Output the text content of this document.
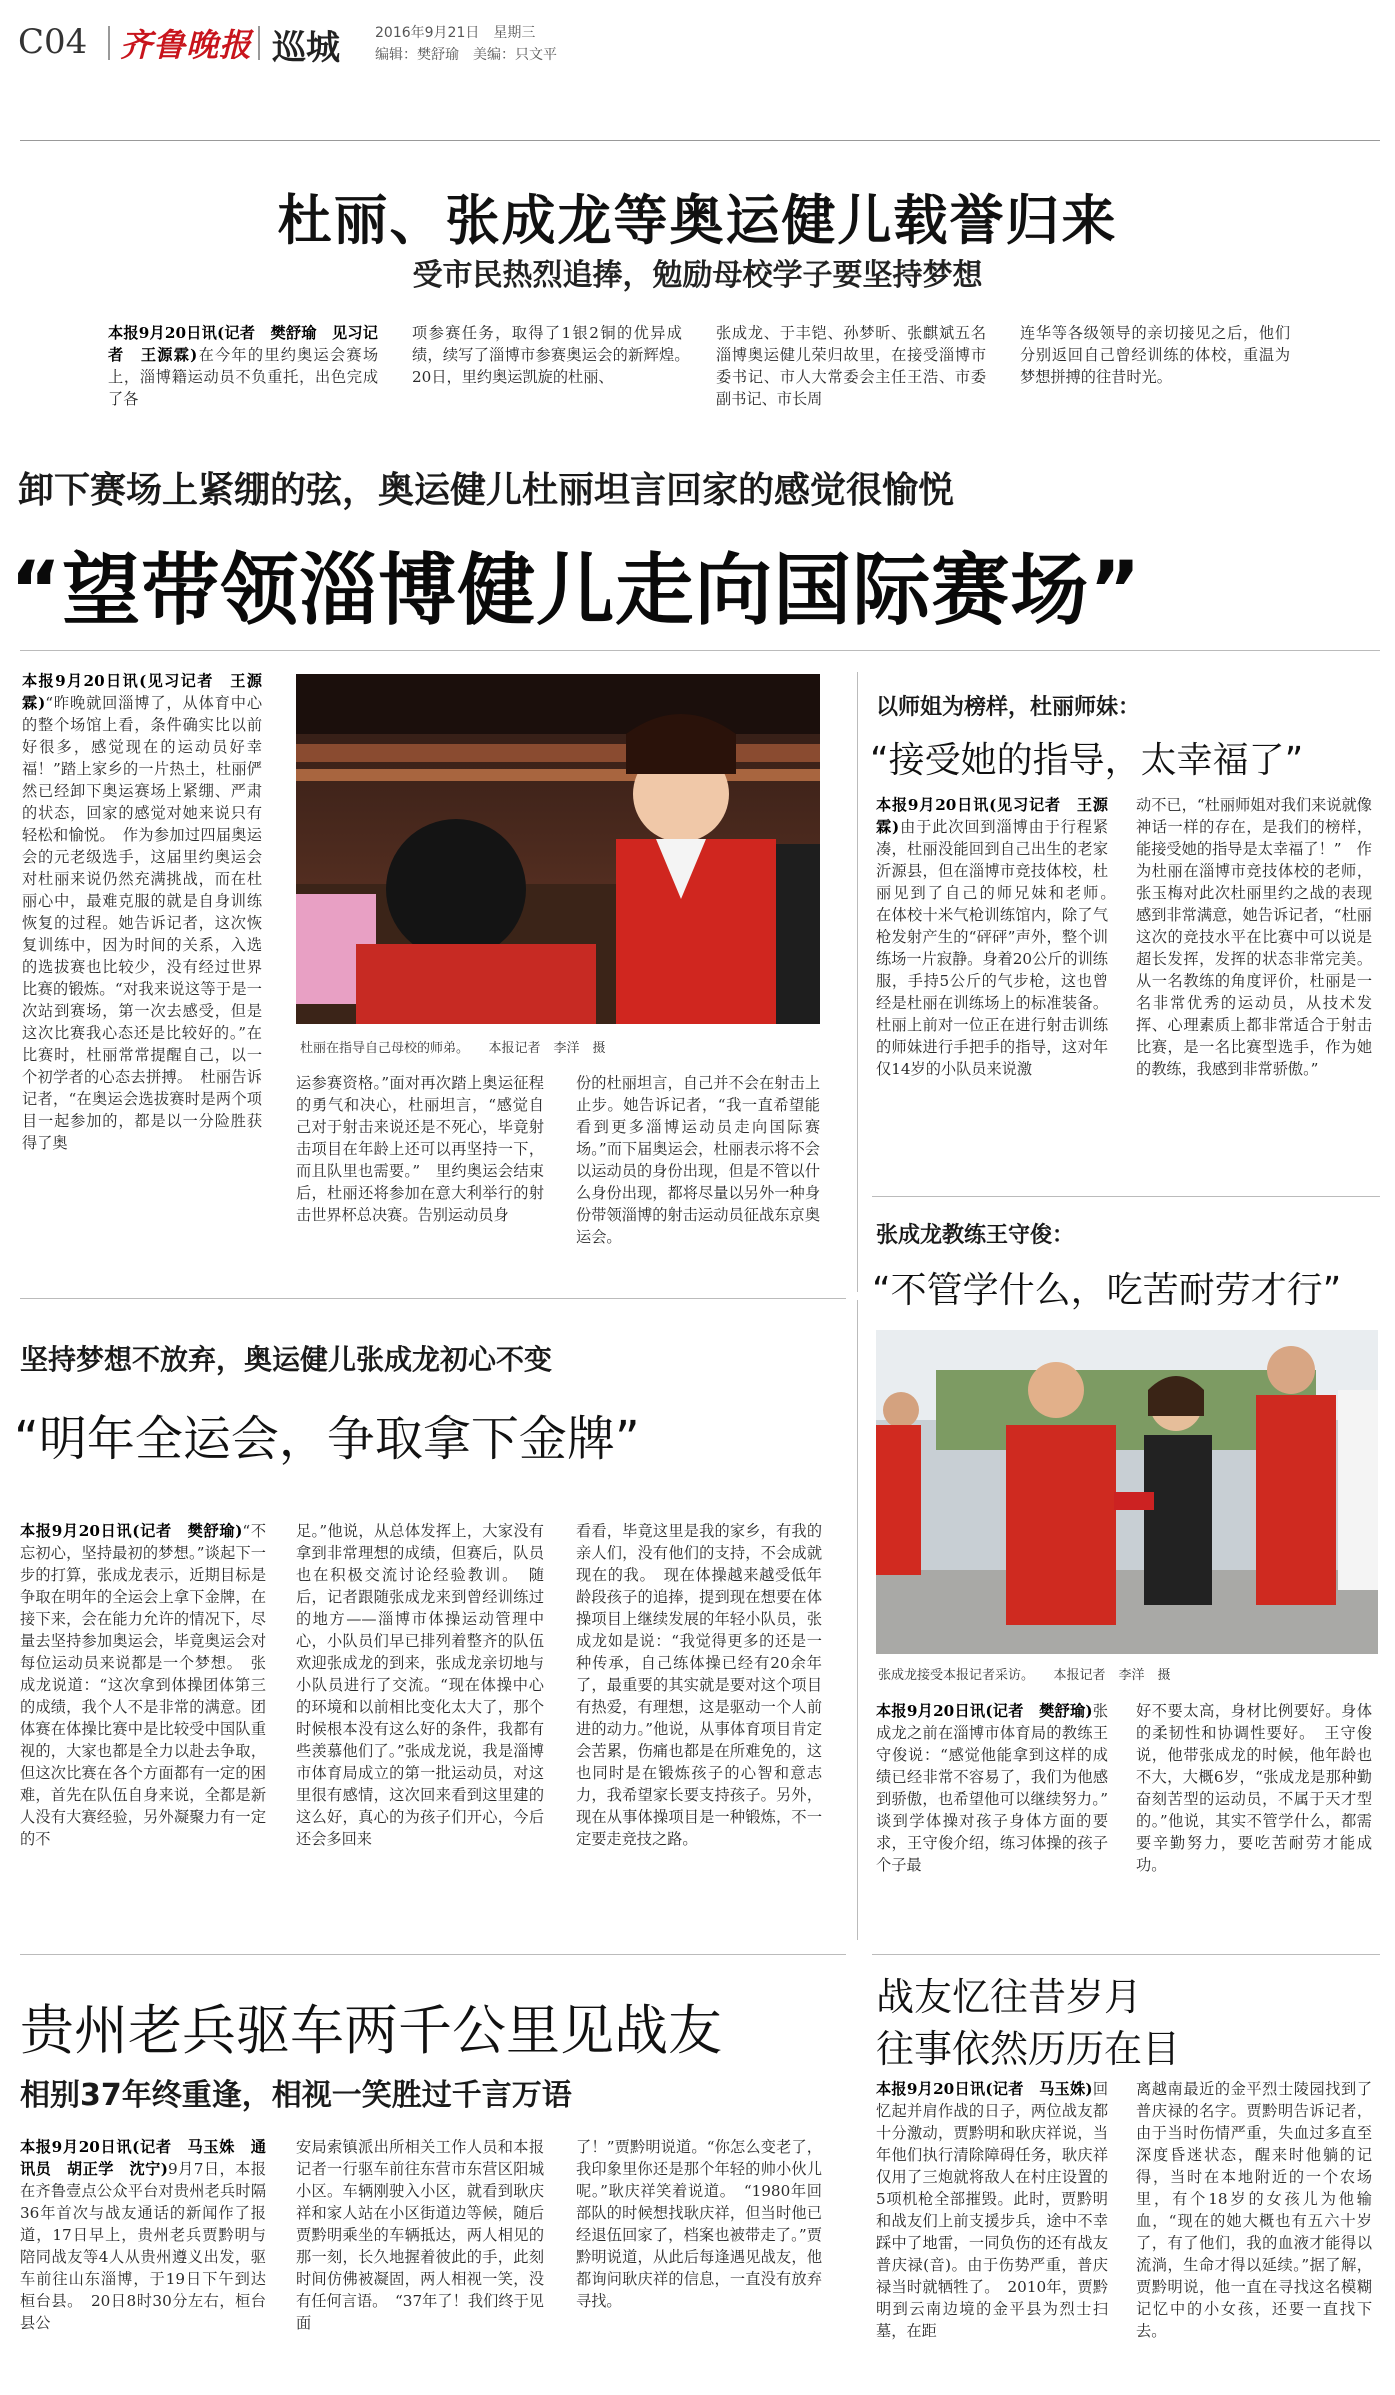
C04 齐鲁晚报 巡城	2016年9月21日　星期三
编辑：樊舒瑜　美编：只文平
杜丽、张成龙等奥运健儿载誉归来
受市民热烈追捧，勉励母校学子要坚持梦想
本报9月20日讯(记者　樊舒瑜　见习记者　王源霖)在今年的里约奥运会赛场上，淄博籍运动员不负重托，出色完成了各
项参赛任务，取得了1银2铜的优异成绩，续写了淄博市参赛奥运会的新辉煌。　20日，里约奥运凯旋的杜丽、
张成龙、于丰铠、孙梦昕、张麒斌五名淄博奥运健儿荣归故里，在接受淄博市委书记、市人大常委会主任王浩、市委副书记、市长周
连华等各级领导的亲切接见之后，他们分别返回自己曾经训练的体校，重温为梦想拼搏的往昔时光。
卸下赛场上紧绷的弦，奥运健儿杜丽坦言回家的感觉很愉悦
“望带领淄博健儿走向国际赛场”
本报9月20日讯(见习记者　王源霖)“昨晚就回淄博了，从体育中心的整个场馆上看，条件确实比以前好很多，感觉现在的运动员好幸福！”踏上家乡的一片热土，杜丽俨然已经卸下奥运赛场上紧绷、严肃的状态，回家的感觉对她来说只有轻松和愉悦。　作为参加过四届奥运会的元老级选手，这届里约奥运会对杜丽来说仍然充满挑战，而在杜丽心中，最难克服的就是自身训练恢复的过程。她告诉记者，这次恢复训练中，因为时间的关系，入选的选拔赛也比较少，没有经过世界比赛的锻炼。“对我来说这等于是一次站到赛场，第一次去感受，但是这次比赛我心态还是比较好的。”在比赛时，杜丽常常提醒自己，以一个初学者的心态去拼搏。　杜丽告诉记者，“在奥运会选拔赛时是两个项目一起参加的，都是以一分险胜获得了奥
杜丽在指导自己母校的师弟。　　本报记者　李洋　摄
运参赛资格。”面对再次踏上奥运征程的勇气和决心，杜丽坦言，“感觉自己对于射击来说还是不死心，毕竟射击项目在年龄上还可以再坚持一下，而且队里也需要。”　里约奥运会结束后，杜丽还将参加在意大利举行的射击世界杯总决赛。告别运动员身
份的杜丽坦言，自己并不会在射击上止步。她告诉记者，“我一直希望能看到更多淄博运动员走向国际赛场。”而下届奥运会，杜丽表示将不会以运动员的身份出现，但是不管以什么身份出现，都将尽量以另外一种身份带领淄博的射击运动员征战东京奥运会。
以师姐为榜样，杜丽师妹：
“接受她的指导，太幸福了”
本报9月20日讯(见习记者　王源霖)由于此次回到淄博由于行程紧凑，杜丽没能回到自己出生的老家沂源县，但在淄博市竞技体校，杜丽见到了自己的师兄妹和老师。　在体校十米气枪训练馆内，除了气枪发射产生的“砰砰”声外，整个训练场一片寂静。身着20公斤的训练服，手持5公斤的气步枪，这也曾经是杜丽在训练场上的标准装备。杜丽上前对一位正在进行射击训练的师妹进行手把手的指导，这对年仅14岁的小队员来说激
动不已，“杜丽师姐对我们来说就像神话一样的存在，是我们的榜样，能接受她的指导是太幸福了！”　作为杜丽在淄博市竞技体校的老师，张玉梅对此次杜丽里约之战的表现感到非常满意，她告诉记者，“杜丽这次的竞技水平在比赛中可以说是超长发挥，发挥的状态非常完美。从一名教练的角度评价，杜丽是一名非常优秀的运动员，从技术发挥、心理素质上都非常适合于射击比赛，是一名比赛型选手，作为她的教练，我感到非常骄傲。”
张成龙教练王守俊：
“不管学什么，吃苦耐劳才行”
张成龙接受本报记者采访。　　本报记者　李洋　摄
本报9月20日讯(记者　樊舒瑜)张成龙之前在淄博市体育局的教练王守俊说：“感觉他能拿到这样的成绩已经非常不容易了，我们为他感到骄傲，也希望他可以继续努力。”　谈到学体操对孩子身体方面的要求，王守俊介绍，练习体操的孩子个子最
好不要太高，身材比例要好。身体的柔韧性和协调性要好。　王守俊说，他带张成龙的时候，他年龄也不大，大概6岁，“张成龙是那种勤奋刻苦型的运动员，不属于天才型的。”他说，其实不管学什么，都需要辛勤努力，要吃苦耐劳才能成功。
坚持梦想不放弃，奥运健儿张成龙初心不变
“明年全运会，争取拿下金牌”
本报9月20日讯(记者　樊舒瑜)“不忘初心，坚持最初的梦想。”谈起下一步的打算，张成龙表示，近期目标是争取在明年的全运会上拿下金牌，在接下来，会在能力允许的情况下，尽量去坚持参加奥运会，毕竟奥运会对每位运动员来说都是一个梦想。　张成龙说道：“这次拿到体操团体第三的成绩，我个人不是非常的满意。团体赛在体操比赛中是比较受中国队重视的，大家也都是全力以赴去争取，但这次比赛在各个方面都有一定的困难，首先在队伍自身来说，全都是新人没有大赛经验，另外凝聚力有一定的不
足。”他说，从总体发挥上，大家没有拿到非常理想的成绩，但赛后，队员也在积极交流讨论经验教训。　随后，记者跟随张成龙来到曾经训练过的地方——淄博市体操运动管理中心，小队员们早已排列着整齐的队伍欢迎张成龙的到来，张成龙亲切地与小队员进行了交流。“现在体操中心的环境和以前相比变化太大了，那个时候根本没有这么好的条件，我都有些羡慕他们了。”张成龙说，我是淄博市体育局成立的第一批运动员，对这里很有感情，这次回来看到这里建的这么好，真心的为孩子们开心，今后还会多回来
看看，毕竟这里是我的家乡，有我的亲人们，没有他们的支持，不会成就现在的我。　现在体操越来越受低年龄段孩子的追捧，提到现在想要在体操项目上继续发展的年轻小队员，张成龙如是说：“我觉得更多的还是一种传承，自己练体操已经有20余年了，最重要的其实就是要对这个项目有热爱，有理想，这是驱动一个人前进的动力。”他说，从事体育项目肯定会苦累，伤痛也都是在所难免的，这也同时是在锻炼孩子的心智和意志力，我希望家长要支持孩子。另外，现在从事体操项目是一种锻炼，不一定要走竞技之路。
贵州老兵驱车两千公里见战友
相别37年终重逢，相视一笑胜过千言万语
本报9月20日讯(记者　马玉姝　通讯员　胡正学　沈宁)9月7日，本报在齐鲁壹点公众平台对贵州老兵时隔36年首次与战友通话的新闻作了报道，17日早上，贵州老兵贾黔明与陪同战友等4人从贵州遵义出发，驱车前往山东淄博，于19日下午到达桓台县。　20日8时30分左右，桓台县公
安局索镇派出所相关工作人员和本报记者一行驱车前往东营市东营区阳城小区。车辆刚驶入小区，就看到耿庆祥和家人站在小区街道边等候，随后贾黔明乘坐的车辆抵达，两人相见的那一刻，长久地握着彼此的手，此刻时间仿佛被凝固，两人相视一笑，没有任何言语。　“37年了！我们终于见面
了！”贾黔明说道。“你怎么变老了，我印象里你还是那个年轻的帅小伙儿呢。”耿庆祥笑着说道。　“1980年回部队的时候想找耿庆祥，但当时他已经退伍回家了，档案也被带走了。”贾黔明说道，从此后每逢遇见战友，他都询问耿庆祥的信息，一直没有放弃寻找。
战友忆往昔岁月
往事依然历历在目
本报9月20日讯(记者　马玉姝)回忆起并肩作战的日子，两位战友都十分激动，贾黔明和耿庆祥说，当年他们执行清除障碍任务，耿庆祥仅用了三炮就将敌人在村庄设置的5项机枪全部摧毁。此时，贾黔明和战友们上前支援步兵，途中不幸踩中了地雷，一同负伤的还有战友普庆禄(音)。由于伤势严重，普庆禄当时就牺牲了。　2010年，贾黔明到云南边境的金平县为烈士扫墓，在距
离越南最近的金平烈士陵园找到了普庆禄的名字。贾黔明告诉记者，由于当时伤情严重，失血过多直至深度昏迷状态，醒来时他躺的记得，当时在本地附近的一个农场里，有个18岁的女孩儿为他输血，“现在的她大概也有五六十岁了，有了他们，我的血液才能得以流淌，生命才得以延续。”据了解，贾黔明说，他一直在寻找这名模糊记忆中的小女孩，还要一直找下去。
